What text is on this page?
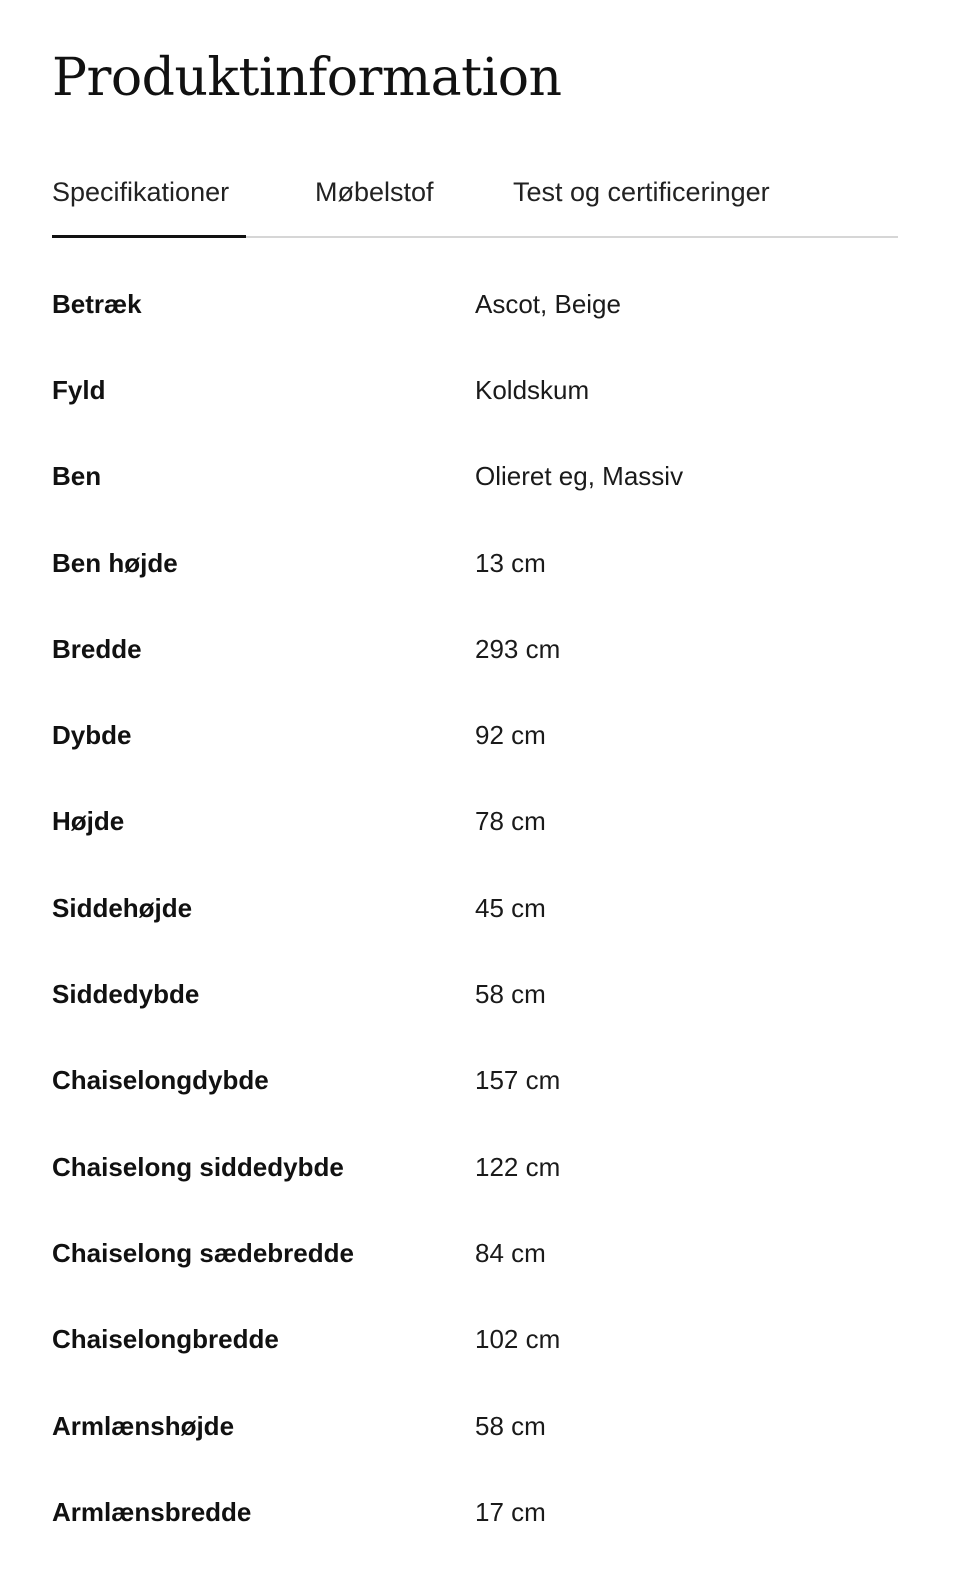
Produktinformation
Specifikationer	Møbelstof	Test og certificeringer
Betræk	Ascot, Beige
Fyld	Koldskum
Ben	Olieret eg, Massiv
Ben højde	13 cm
Bredde	293 cm
Dybde	92 cm
Højde	78 cm
Siddehøjde	45 cm
Siddedybde	58 cm
Chaiselongdybde	157 cm
Chaiselong siddedybde	122 cm
Chaiselong sædebredde	84 cm
Chaiselongbredde	102 cm
Armlænshøjde	58 cm
Armlænsbredde	17 cm
